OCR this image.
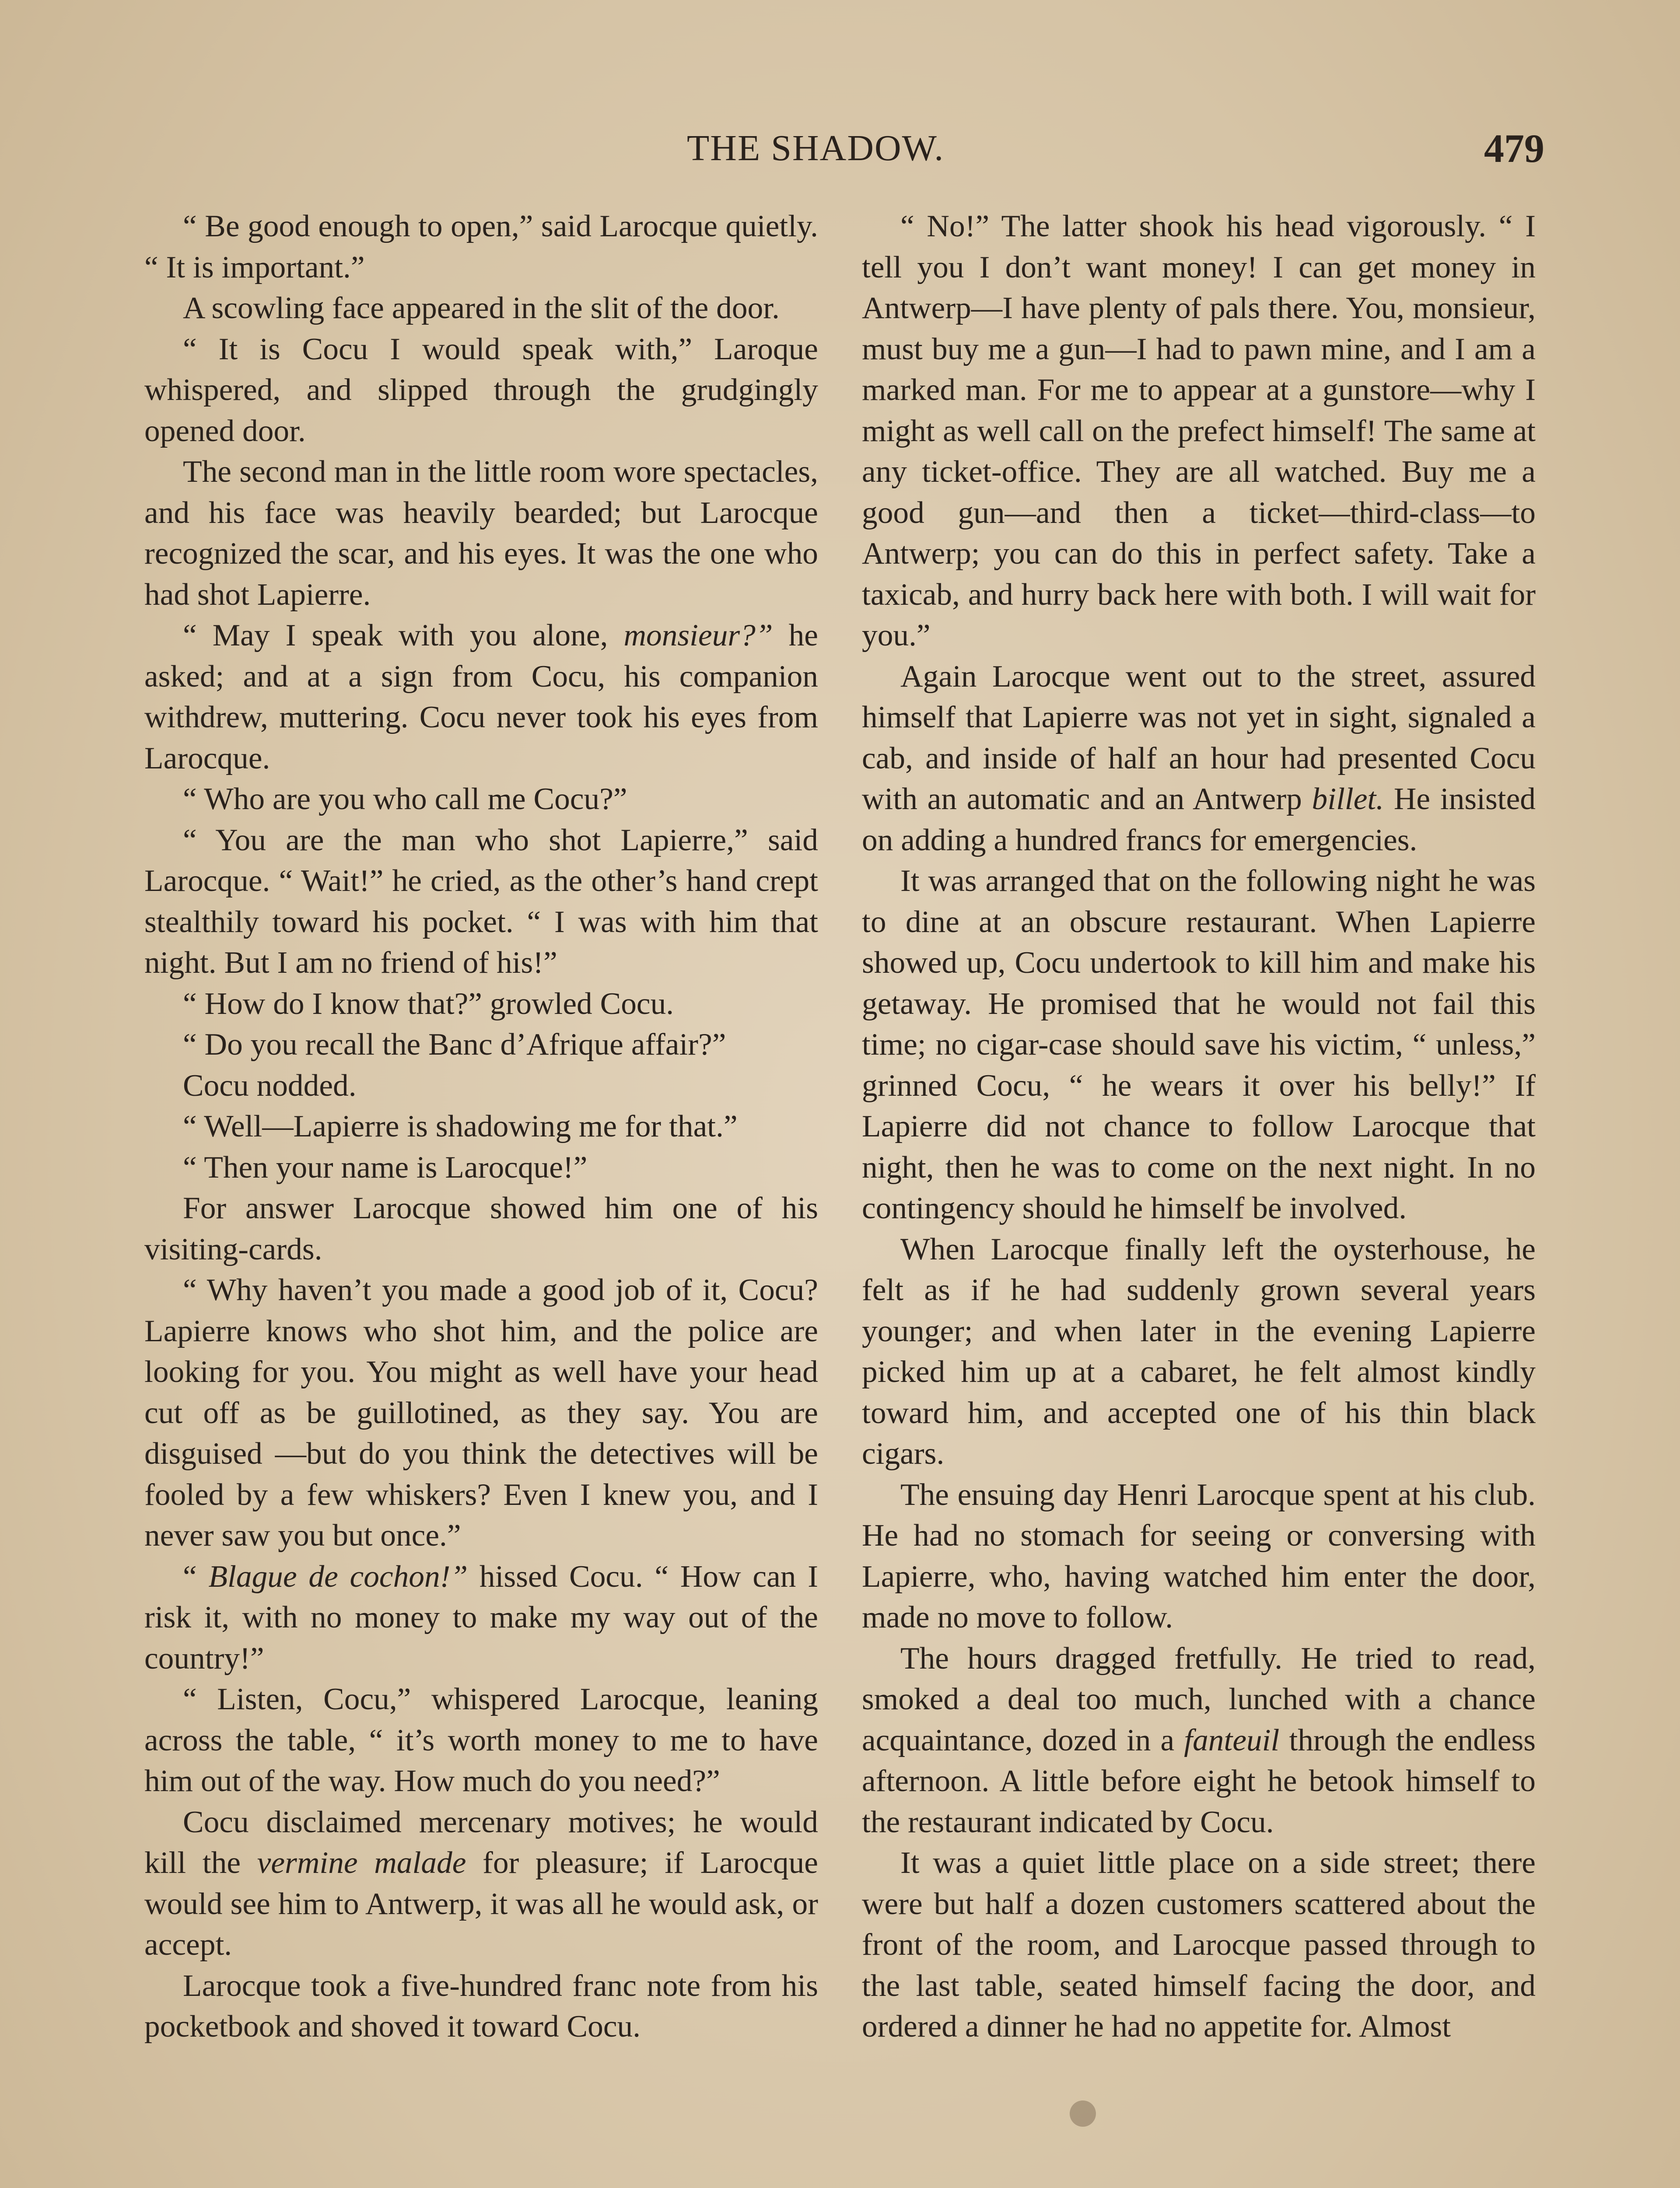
THE SHADOW.	479

“ Be good enough to open,” said Larocque quietly. “ It is important.”

A scowling face appeared in the slit of the door.

“ It is Cocu I would speak with,” Laroque whispered, and slipped through the grudgingly opened door.

The second man in the little room wore spectacles, and his face was heavily bearded; but Larocque recognized the scar, and his eyes. It was the one who had shot Lapierre.

“ May I speak with you alone, monsieur?” he asked; and at a sign from Cocu, his companion withdrew, muttering. Cocu never took his eyes from Larocque.

“ Who are you who call me Cocu?”

“ You are the man who shot Lapierre,” said Larocque. “ Wait!” he cried, as the other’s hand crept stealthily toward his pocket. “ I was with him that night. But I am no friend of his!”

“ How do I know that?” growled Cocu.

“ Do you recall the Banc d’Afrique affair?”

Cocu nodded.

“ Well—Lapierre is shadowing me for that.”

“ Then your name is Larocque!”

For answer Larocque showed him one of his visiting-cards.

“ Why haven’t you made a good job of it, Cocu? Lapierre knows who shot him, and the police are looking for you. You might as well have your head cut off as be guillotined, as they say. You are disguised —but do you think the detectives will be fooled by a few whiskers? Even I knew you, and I never saw you but once.”

“ Blague de cochon!” hissed Cocu. “ How can I risk it, with no money to make my way out of the country!”

“ Listen, Cocu,” whispered Larocque, leaning across the table, “ it’s worth money to me to have him out of the way. How much do you need?”

Cocu disclaimed mercenary motives; he would kill the vermine malade for pleasure; if Larocque would see him to Antwerp, it was all he would ask, or accept.

Larocque took a five-hundred franc note from his pocketbook and shoved it toward Cocu.

“ No!” The latter shook his head vigorously. “ I tell you I don’t want money! I can get money in Antwerp—I have plenty of pals there. You, monsieur, must buy me a gun—I had to pawn mine, and I am a marked man. For me to appear at a gunstore—why I might as well call on the prefect himself! The same at any ticket-office. They are all watched. Buy me a good gun—and then a ticket—third-class—to Antwerp; you can do this in perfect safety. Take a taxicab, and hurry back here with both. I will wait for you.”

Again Larocque went out to the street, assured himself that Lapierre was not yet in sight, signaled a cab, and inside of half an hour had presented Cocu with an automatic and an Antwerp billet. He insisted on adding a hundred francs for emergencies.

It was arranged that on the following night he was to dine at an obscure restaurant. When Lapierre showed up, Cocu undertook to kill him and make his getaway. He promised that he would not fail this time; no cigar-case should save his victim, “ unless,” grinned Cocu, “ he wears it over his belly!” If Lapierre did not chance to follow Larocque that night, then he was to come on the next night. In no contingency should he himself be involved.

When Larocque finally left the oysterhouse, he felt as if he had suddenly grown several years younger; and when later in the evening Lapierre picked him up at a cabaret, he felt almost kindly toward him, and accepted one of his thin black cigars.

The ensuing day Henri Larocque spent at his club. He had no stomach for seeing or conversing with Lapierre, who, having watched him enter the door, made no move to follow.

The hours dragged fretfully. He tried to read, smoked a deal too much, lunched with a chance acquaintance, dozed in a fanteuil through the endless afternoon. A little before eight he betook himself to the restaurant indicated by Cocu.

It was a quiet little place on a side street; there were but half a dozen customers scattered about the front of the room, and Larocque passed through to the last table, seated himself facing the door, and ordered a dinner he had no appetite for. Almost
